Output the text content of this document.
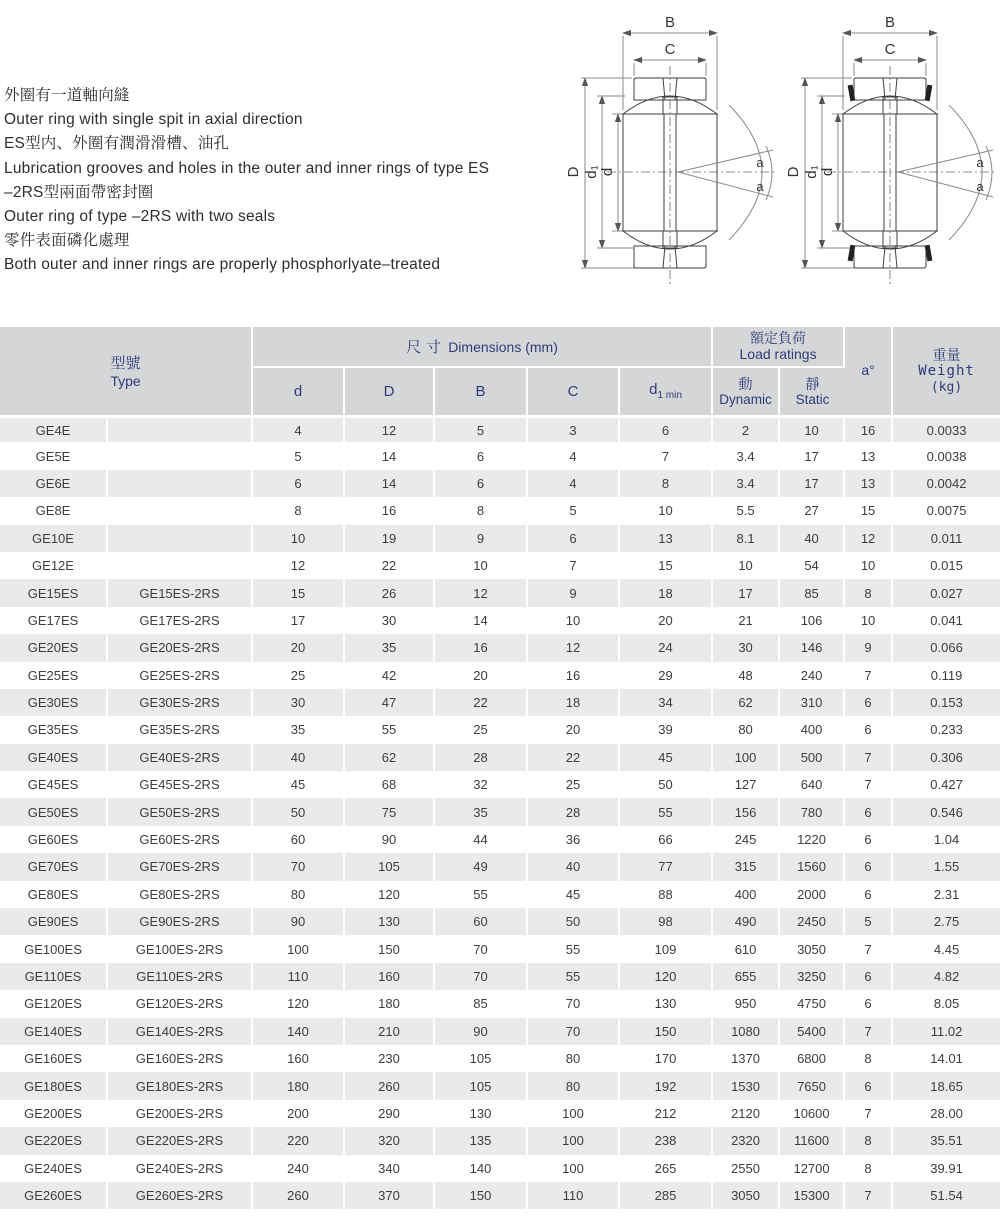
外圈有一道軸向縫
Outer ring with single spit in axial direction
ES型内、外圈有潤滑滑槽、油孔
Lubrication grooves and holes in the outer and inner rings of type ES
–2RS型兩面帶密封圈
Outer ring of type –2RS with two seals
零件表面磷化處理
Both outer and inner rings are properly phosphorlyate–treated
B
C
D d₁ d
a
a
B
C
D d₁ d
a
a
型號
Type		尺寸 Dimensions (mm)					額定負荷
Load ratings		a°	重量
Weight
(kg)

		d	D	B	C	$d_{1 min}$	動
Dynamic	靜
Static		

GE4E		4	12	5	3	6	2	10	16	0.0033
GE5E		5	14	6	4	7	3.4	17	13	0.0038
GE6E		6	14	6	4	8	3.4	17	13	0.0042
GE8E		8	16	8	5	10	5.5	27	15	0.0075
GE10E		10	19	9	6	13	8.1	40	12	0.011
GE12E		12	22	10	7	15	10	54	10	0.015
GE15ES	GE15ES-2RS	15	26	12	9	18	17	85	8	0.027
GE17ES	GE17ES-2RS	17	30	14	10	20	21	106	10	0.041
GE20ES	GE20ES-2RS	20	35	16	12	24	30	146	9	0.066
GE25ES	GE25ES-2RS	25	42	20	16	29	48	240	7	0.119
GE30ES	GE30ES-2RS	30	47	22	18	34	62	310	6	0.153
GE35ES	GE35ES-2RS	35	55	25	20	39	80	400	6	0.233
GE40ES	GE40ES-2RS	40	62	28	22	45	100	500	7	0.306
GE45ES	GE45ES-2RS	45	68	32	25	50	127	640	7	0.427
GE50ES	GE50ES-2RS	50	75	35	28	55	156	780	6	0.546
GE60ES	GE60ES-2RS	60	90	44	36	66	245	1220	6	1.04
GE70ES	GE70ES-2RS	70	105	49	40	77	315	1560	6	1.55
GE80ES	GE80ES-2RS	80	120	55	45	88	400	2000	6	2.31
GE90ES	GE90ES-2RS	90	130	60	50	98	490	2450	5	2.75
GE100ES	GE100ES-2RS	100	150	70	55	109	610	3050	7	4.45
GE110ES	GE110ES-2RS	110	160	70	55	120	655	3250	6	4.82
GE120ES	GE120ES-2RS	120	180	85	70	130	950	4750	6	8.05
GE140ES	GE140ES-2RS	140	210	90	70	150	1080	5400	7	11.02
GE160ES	GE160ES-2RS	160	230	105	80	170	1370	6800	8	14.01
GE180ES	GE180ES-2RS	180	260	105	80	192	1530	7650	6	18.65
GE200ES	GE200ES-2RS	200	290	130	100	212	2120	10600	7	28.00
GE220ES	GE220ES-2RS	220	320	135	100	238	2320	11600	8	35.51
GE240ES	GE240ES-2RS	240	340	140	100	265	2550	12700	8	39.91
GE260ES	GE260ES-2RS	260	370	150	110	285	3050	15300	7	51.54
